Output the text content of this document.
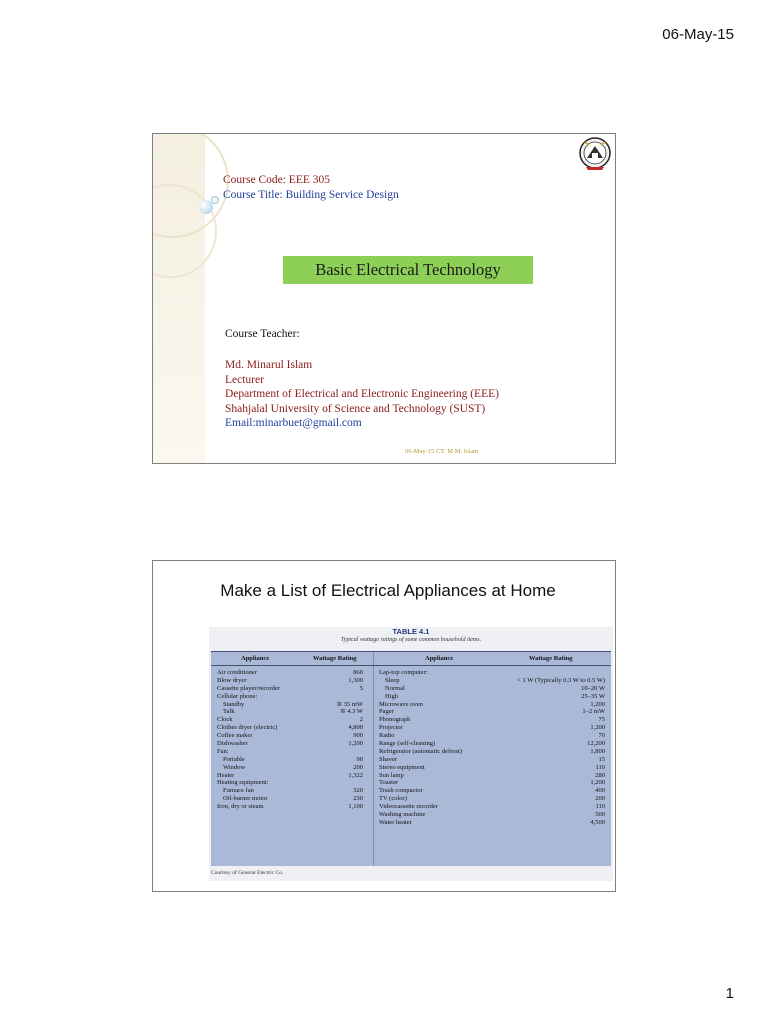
06-May-15
Course Code: EEE 305
Course Title: Building Service Design
Basic Electrical Technology
Course Teacher:
Md. Minarul Islam
Lecturer
Department of Electrical and Electronic Engineering (EEE)
Shahjalal University of Science and Technology (SUST)
Email:minarbuet@gmail.com
06-May-15 CT: M.M. Islam
Make a List of Electrical Appliances at Home
TABLE 4.1
Typical wattage ratings of some common household items.
Appliance	Wattage Rating	Appliance	Wattage Rating
Air conditioner	860
Blow dryer	1,300
Cassette player/recorder	5
Cellular phone:
Standby	≅ 35 mW
Talk	≅ 4.3 W
Clock	2
Clothes dryer (electric)	4,800
Coffee maker	900
Dishwasher	1,200
Fan:
Portable	90
Window	200
Heater	1,322
Heating equipment:
Furnace fan	320
Oil-burner motor	230
Iron, dry or steam	1,100
Lap-top computer:
Sleep	< 1 W (Typically 0.3 W to 0.5 W)
Normal	10–20 W
High	25–35 W
Microwave oven	1,200
Pager	1–2 mW
Phonograph	75
Projector	1,200
Radio	70
Range (self-cleaning)	12,200
Refrigerator (automatic defrost)	1,800
Shaver	15
Stereo equipment	110
Sun lamp	280
Toaster	1,200
Trash compactor	400
TV (color)	200
Videocassette recorder	110
Washing machine	500
Water heater	4,500
Courtesy of General Electric Co.
1
